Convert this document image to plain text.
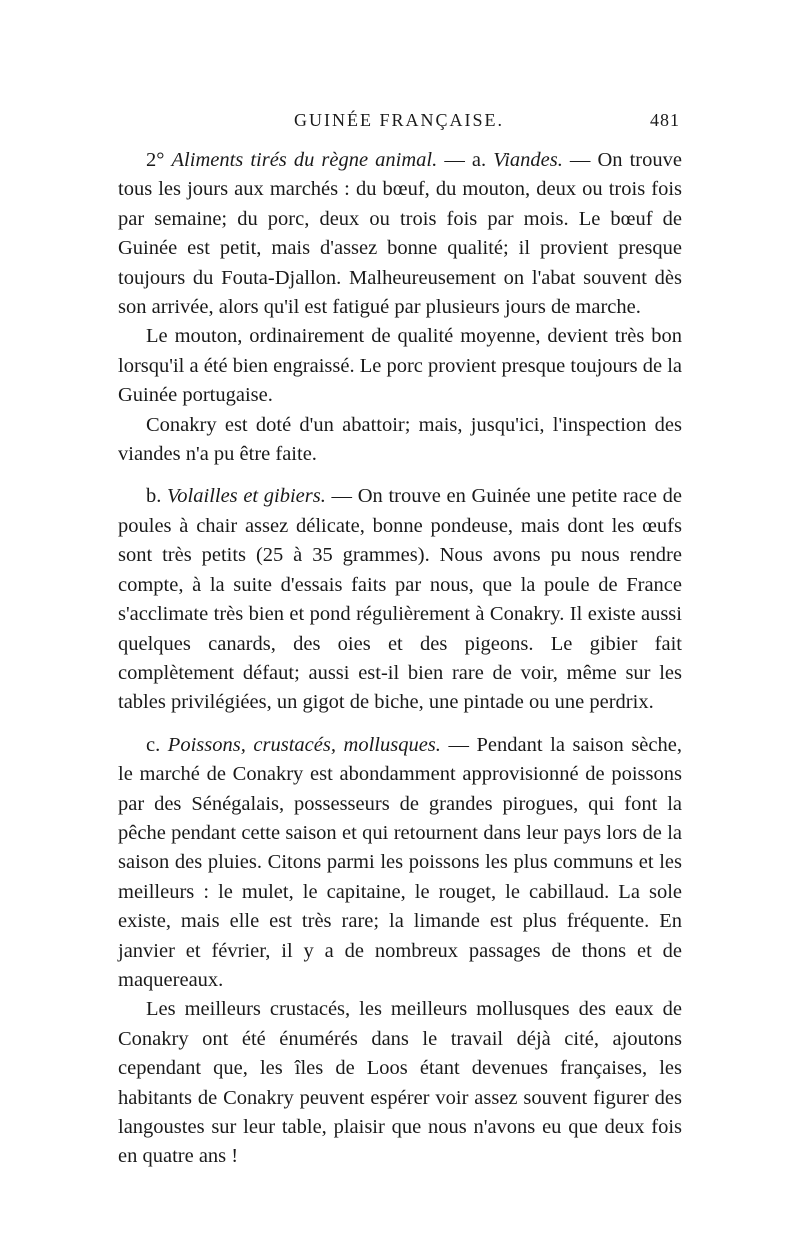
GUINÉE FRANÇAISE.	481

2° Aliments tirés du règne animal. — a. Viandes. — On trouve tous les jours aux marchés : du bœuf, du mouton, deux ou trois fois par semaine; du porc, deux ou trois fois par mois. Le bœuf de Guinée est petit, mais d'assez bonne qualité; il provient presque toujours du Fouta-Djallon. Malheureusement on l'abat souvent dès son arrivée, alors qu'il est fatigué par plusieurs jours de marche.

Le mouton, ordinairement de qualité moyenne, devient très bon lorsqu'il a été bien engraissé. Le porc provient presque toujours de la Guinée portugaise.

Conakry est doté d'un abattoir; mais, jusqu'ici, l'inspection des viandes n'a pu être faite.

b. Volailles et gibiers. — On trouve en Guinée une petite race de poules à chair assez délicate, bonne pondeuse, mais dont les œufs sont très petits (25 à 35 grammes). Nous avons pu nous rendre compte, à la suite d'essais faits par nous, que la poule de France s'acclimate très bien et pond régulièrement à Conakry. Il existe aussi quelques canards, des oies et des pigeons. Le gibier fait complètement défaut; aussi est-il bien rare de voir, même sur les tables privilégiées, un gigot de biche, une pintade ou une perdrix.

c. Poissons, crustacés, mollusques. — Pendant la saison sèche, le marché de Conakry est abondamment approvisionné de poissons par des Sénégalais, possesseurs de grandes pirogues, qui font la pêche pendant cette saison et qui retournent dans leur pays lors de la saison des pluies. Citons parmi les poissons les plus communs et les meilleurs : le mulet, le capitaine, le rouget, le cabillaud. La sole existe, mais elle est très rare; la limande est plus fréquente. En janvier et février, il y a de nombreux passages de thons et de maquereaux.

Les meilleurs crustacés, les meilleurs mollusques des eaux de Conakry ont été énumérés dans le travail déjà cité, ajoutons cependant que, les îles de Loos étant devenues françaises, les habitants de Conakry peuvent espérer voir assez souvent figurer des langoustes sur leur table, plaisir que nous n'avons eu que deux fois en quatre ans !
